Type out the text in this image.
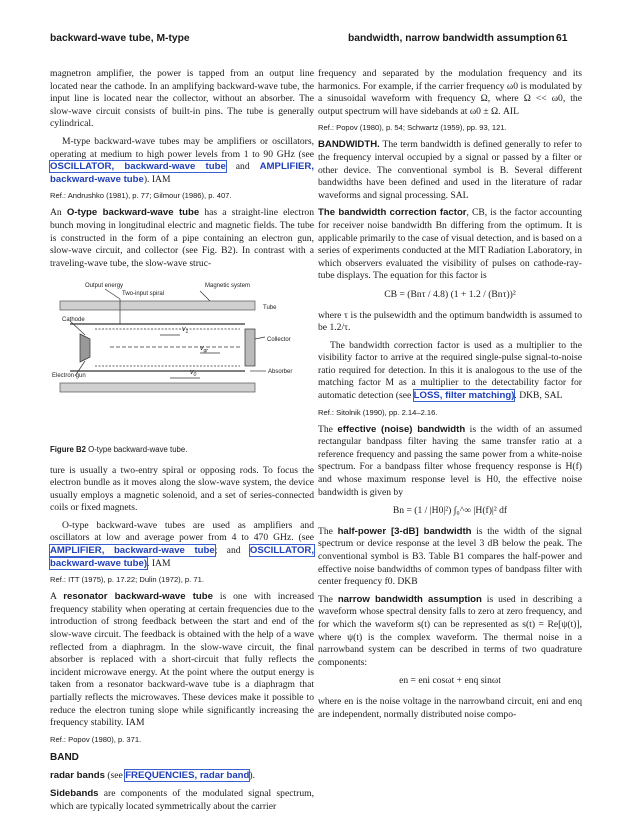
backward-wave tube, M-type	bandwidth, narrow bandwidth assumption 61

magnetron amplifier, the power is tapped from an output line located near the cathode. In an amplifying backward-wave tube, the input line is located near the collector, without an absorber. The slow-wave circuit consists of built-in pins. The tube is generally cylindrical.

M-type backward-wave tubes may be amplifiers or oscillators, operating at medium to high power levels from 1 to 90 GHz (see OSCILLATOR, backward-wave tube and AMPLIFIER, backward-wave tube). IAM

Ref.: Andrushko (1981), p. 77; Gilmour (1986), p. 407.

An O-type backward-wave tube has a straight-line electron bunch moving in longitudinal electric and magnetic fields. The tube is constructed in the form of a pipe containing an electron gun, slow-wave circuit, and collector (see Fig. B2). In contrast with a traveling-wave tube, the slow-wave struc-

Output energy	Magnetic system
Two-input spiral
Tube
Cathode
Collector
Absorber
Electron gun
$v_1$
$v_{gr}$
$v_0$

Figure B2 O-type backward-wave tube.

ture is usually a two-entry spiral or opposing rods. To focus the electron bundle as it moves along the slow-wave system, the device usually employs a magnetic solenoid, and a set of series-connected coils or fixed magnets.

O-type backward-wave tubes are used as amplifiers and oscillators at low and average power from 4 to 470 GHz. (see AMPLIFIER, backward-wave tube; and OSCILLATOR, backward-wave tube). IAM

Ref.: ITT (1975), p. 17.22; Dulin (1972), p. 71.

A resonator backward-wave tube is one with increased frequency stability when operating at certain frequencies due to the introduction of strong feedback between the start and end of the slow-wave circuit. The feedback is obtained with the help of a wave reflected from a diaphragm. In the slow-wave circuit, the final absorber is replaced with a short-circuit that fully reflects the incident microwave energy. At the point where the output energy is taken from a resonator backward-wave tube is a diaphragm that partially reflects the microwaves. These devices make it possible to reduce the electron tuning slope while significantly increasing the frequency stability. IAM

Ref.: Popov (1980), p. 371.

BAND

radar bands (see FREQUENCIES, radar band).

Sidebands are components of the modulated signal spectrum, which are typically located symmetrically about the carrier

frequency and separated by the modulation frequency and its harmonics. For example, if the carrier frequency ω0 is modulated by a sinusoidal waveform with frequency Ω, where Ω << ω0, the output spectrum will have sidebands at ω0 ± Ω. AIL

Ref.: Popov (1980), p. 54; Schwartz (1959), pp. 93, 121.

BANDWIDTH. The term bandwidth is defined generally to refer to the frequency interval occupied by a signal or passed by a filter or other device. The conventional symbol is B. Several different bandwidths have been defined and used in the literature of radar waveforms and signal processing. SAL

The bandwidth correction factor, CB, is the factor accounting for receiver noise bandwidth Bn differing from the optimum. It is applicable primarily to the case of visual detection, and is based on a series of experiments conducted at the MIT Radiation Laboratory, in which observers evaluated the visibility of pulses on cathode-ray-tube displays. The equation for this factor is

CB = (Bnτ / 4.8) (1 + 1.2 / (Bnτ))²

where τ is the pulsewidth and the optimum bandwidth is assumed to be 1.2/τ.

The bandwidth correction factor is used as a multiplier to the visibility factor to arrive at the required single-pulse signal-to-noise ratio required for detection. In this it is analogous to the use of the matching factor M as a multiplier to the detectability factor for automatic detection (see LOSS, filter matching). DKB, SAL

Ref.: Sitolnik (1990), pp. 2.14–2.16.

The effective (noise) bandwidth is the width of an assumed rectangular bandpass filter having the same transfer ratio at a reference frequency and passing the same power from a white-noise spectrum. For a bandpass filter whose frequency response is H(f) and whose maximum response level is H0, the effective noise bandwidth is given by

Bn = (1 / |H0|²) ∫₀^∞ |H(f)|² df

The half-power [3-dB] bandwidth is the width of the signal spectrum or device response at the level 3 dB below the peak. The conventional symbol is B3. Table B1 compares the half-power and effective noise bandwidths of common types of bandpass filter with center frequency f0. DKB

The narrow bandwidth assumption is used in describing a waveform whose spectral density falls to zero at zero frequency, and for which the waveform s(t) can be represented as s(t) = Re[ψ(t)], where ψ(t) is the complex waveform. The thermal noise in a narrowband system can be described in terms of two quadrature components:

en = eni cosωt + enq sinωt

where en is the noise voltage in the narrowband circuit, eni and enq are independent, normally distributed noise compo-
